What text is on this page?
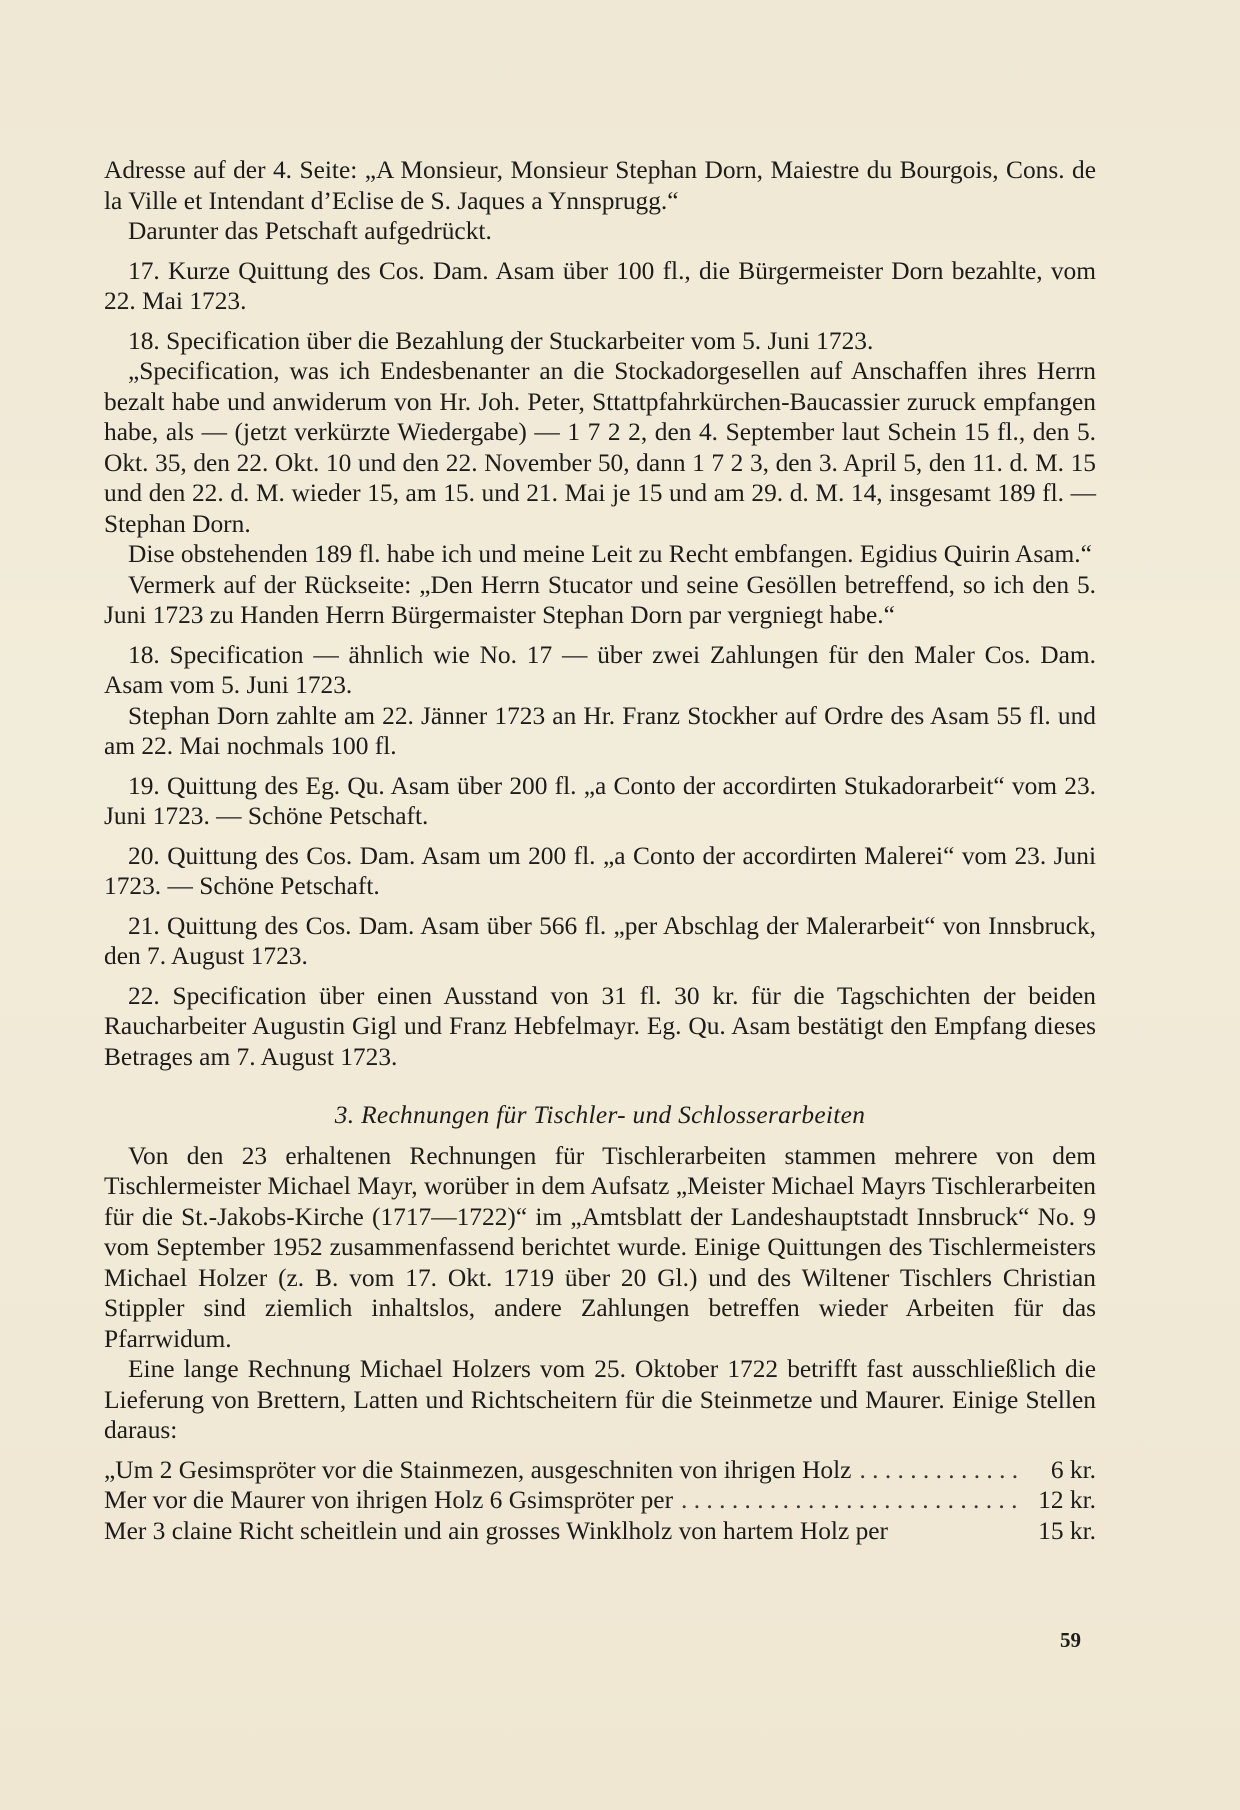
Adresse auf der 4. Seite: „A Monsieur, Monsieur Stephan Dorn, Maiestre du Bourgois, Cons. de la Ville et Intendant d’Eclise de S. Jaques a Ynnsprugg.“

Darunter das Petschaft aufgedrückt.

17. Kurze Quittung des Cos. Dam. Asam über 100 fl., die Bürgermeister Dorn bezahlte, vom 22. Mai 1723.

18. Specification über die Bezahlung der Stuckarbeiter vom 5. Juni 1723.

„Specification, was ich Endesbenanter an die Stockadorgesellen auf Anschaffen ihres Herrn bezalt habe und anwiderum von Hr. Joh. Peter, Sttattpfahrkürchen-Baucassier zuruck empfangen habe, als — (jetzt verkürzte Wiedergabe) — 1 7 2 2, den 4. September laut Schein 15 fl., den 5. Okt. 35, den 22. Okt. 10 und den 22. November 50, dann 1 7 2 3, den 3. April 5, den 11. d. M. 15 und den 22. d. M. wieder 15, am 15. und 21. Mai je 15 und am 29. d. M. 14, insgesamt 189 fl. — Stephan Dorn.

Dise obstehenden 189 fl. habe ich und meine Leit zu Recht embfangen. Egidius Quirin Asam.“

Vermerk auf der Rückseite: „Den Herrn Stucator und seine Gesöllen betreffend, so ich den 5. Juni 1723 zu Handen Herrn Bürgermaister Stephan Dorn par vergniegt habe.“

18. Specification — ähnlich wie No. 17 — über zwei Zahlungen für den Maler Cos. Dam. Asam vom 5. Juni 1723.

Stephan Dorn zahlte am 22. Jänner 1723 an Hr. Franz Stockher auf Ordre des Asam 55 fl. und am 22. Mai nochmals 100 fl.

19. Quittung des Eg. Qu. Asam über 200 fl. „a Conto der accordirten Stukadorarbeit“ vom 23. Juni 1723. — Schöne Petschaft.

20. Quittung des Cos. Dam. Asam um 200 fl. „a Conto der accordirten Malerei“ vom 23. Juni 1723. — Schöne Petschaft.

21. Quittung des Cos. Dam. Asam über 566 fl. „per Abschlag der Malerarbeit“ von Innsbruck, den 7. August 1723.

22. Specification über einen Ausstand von 31 fl. 30 kr. für die Tagschichten der beiden Raucharbeiter Augustin Gigl und Franz Hebfelmayr. Eg. Qu. Asam bestätigt den Empfang dieses Betrages am 7. August 1723.

3. Rechnungen für Tischler- und Schlosserarbeiten

Von den 23 erhaltenen Rechnungen für Tischlerarbeiten stammen mehrere von dem Tischlermeister Michael Mayr, worüber in dem Aufsatz „Meister Michael Mayrs Tischlerarbeiten für die St.-Jakobs-Kirche (1717—1722)“ im „Amtsblatt der Landeshauptstadt Innsbruck“ No. 9 vom September 1952 zusammenfassend berichtet wurde. Einige Quittungen des Tischlermeisters Michael Holzer (z. B. vom 17. Okt. 1719 über 20 Gl.) und des Wiltener Tischlers Christian Stippler sind ziemlich inhaltslos, andere Zahlungen betreffen wieder Arbeiten für das Pfarrwidum.

Eine lange Rechnung Michael Holzers vom 25. Oktober 1722 betrifft fast ausschließlich die Lieferung von Brettern, Latten und Richtscheitern für die Steinmetze und Maurer. Einige Stellen daraus:

„Um 2 Gesimspröter vor die Stainmezen, ausgeschniten von ihrigen Holz . . .	6 kr.
Mer vor die Maurer von ihrigen Holz 6 Gsimspröter per . . .	12 kr.
Mer 3 claine Richt scheitlein und ain grosses Winklholz von hartem Holz per	15 kr.
59
